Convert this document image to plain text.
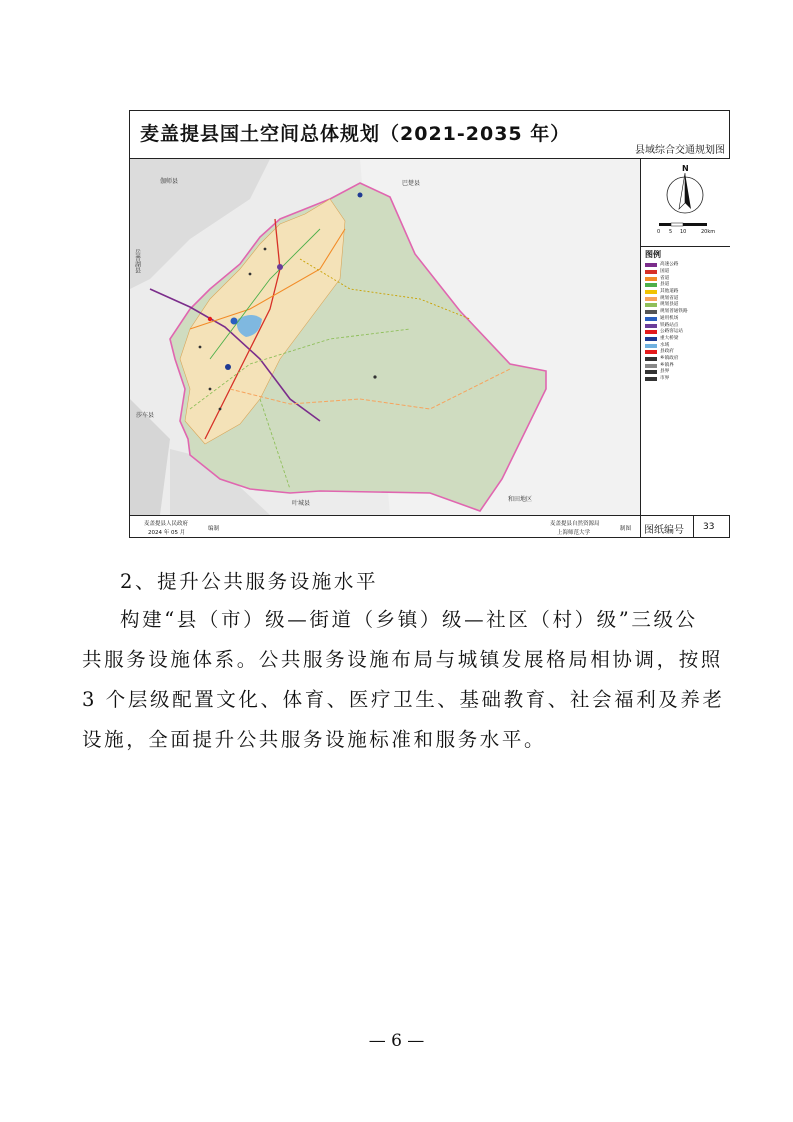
麦盖提县国土空间总体规划（2021-2035 年）
县域综合交通规划图
伽师县	巴楚县
莎车县
叶城县
和田地区
岳普湖县
N
0 5 10	20km
图例
高速公路
国道
省道
县道
其他道路
规划省道
规划县道
规划普通铁路
通用机场
铁路站点
公路客运站
重大桥梁
水域
县政府
乡镇政府
乡镇界
县界
市界
麦盖提县人民政府
2024 年 05 月
编制
麦盖提县自然资源局
上海师范大学
制图 图纸编号 33
2、提升公共服务设施水平
构建“县（市）级—街道（乡镇）级—社区（村）级”三级公
共服务设施体系。公共服务设施布局与城镇发展格局相协调，按照
3 个层级配置文化、体育、医疗卫生、基础教育、社会福利及养老
设施，全面提升公共服务设施标准和服务水平。
— 6 —
